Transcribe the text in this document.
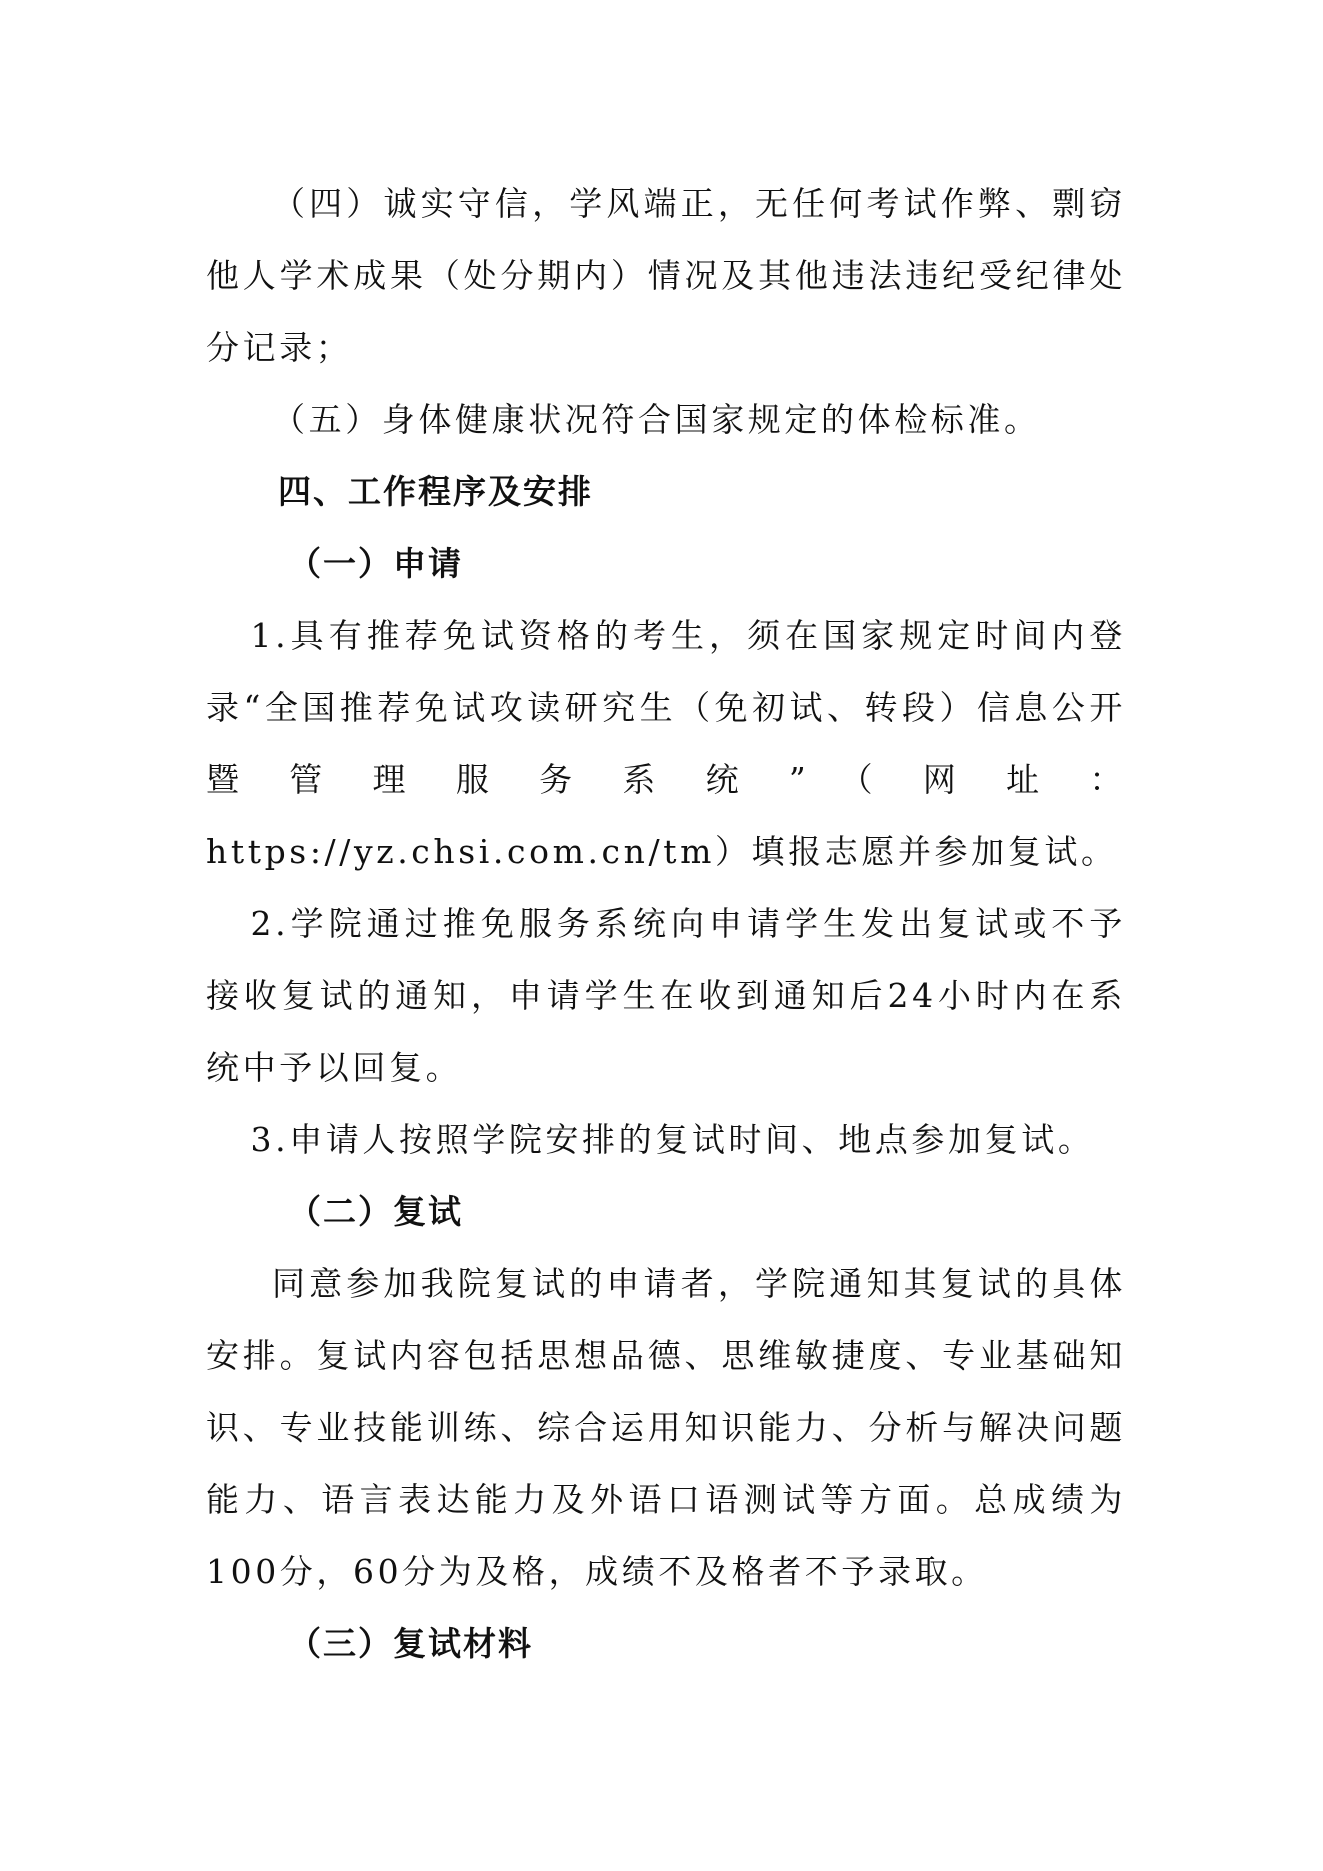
（四）诚实守信，学风端正，无任何考试作弊、剽窃他人学术成果（处分期内）情况及其他违法违纪受纪律处分记录；

（五）身体健康状况符合国家规定的体检标准。

四、工作程序及安排

（一）申请

1.具有推荐免试资格的考生，须在国家规定时间内登录“全国推荐免试攻读研究生（免初试、转段）信息公开暨管理服务系统”（网址：https://yz.chsi.com.cn/tm）填报志愿并参加复试。

2.学院通过推免服务系统向申请学生发出复试或不予接收复试的通知，申请学生在收到通知后24小时内在系统中予以回复。

3.申请人按照学院安排的复试时间、地点参加复试。

（二）复试

同意参加我院复试的申请者，学院通知其复试的具体安排。复试内容包括思想品德、思维敏捷度、专业基础知识、专业技能训练、综合运用知识能力、分析与解决问题能力、语言表达能力及外语口语测试等方面。总成绩为100分，60分为及格，成绩不及格者不予录取。

（三）复试材料
